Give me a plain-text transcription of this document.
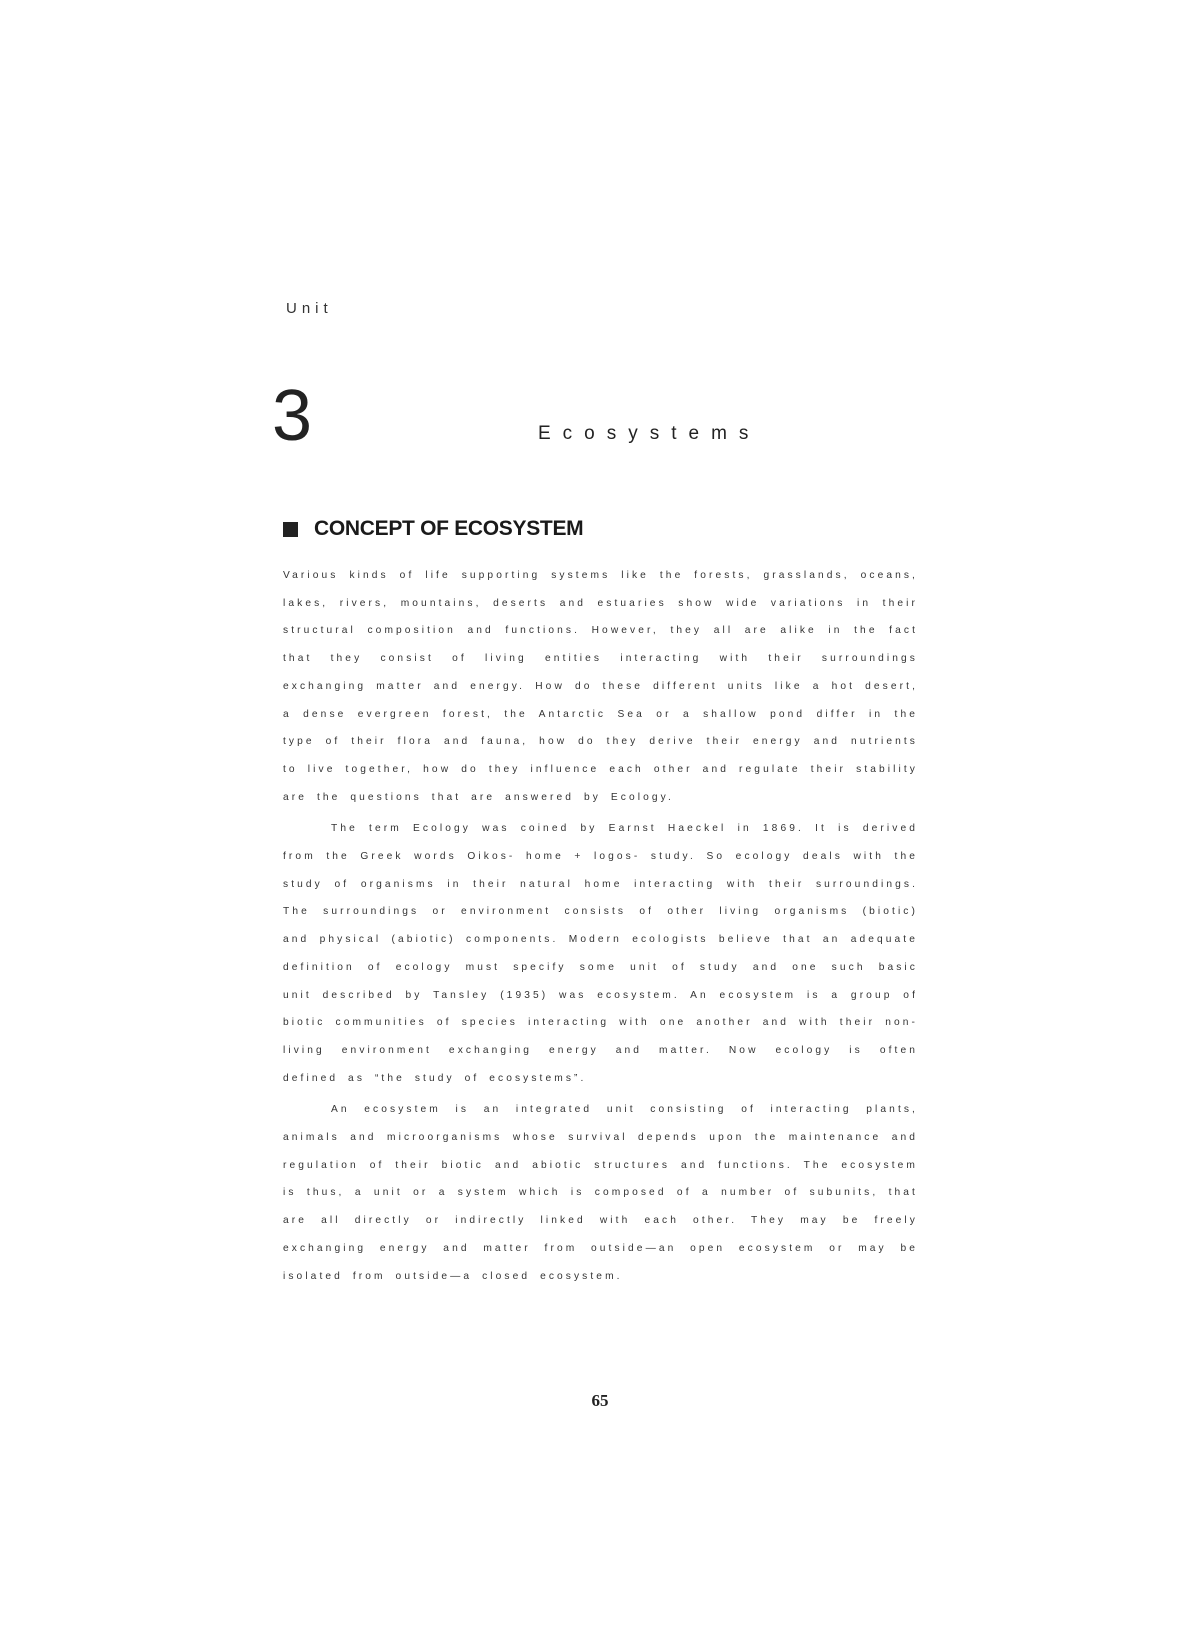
Unit
3	Ecosystems
CONCEPT OF ECOSYSTEM

Various kinds of life supporting systems like the forests, grasslands, oceans, lakes, rivers, mountains, deserts and estuaries show wide variations in their structural composition and functions. However, they all are alike in the fact that they consist of living entities interacting with their surroundings exchanging matter and energy. How do these different units like a hot desert, a dense evergreen forest, the Antarctic Sea or a shallow pond differ in the type of their flora and fauna, how do they derive their energy and nutrients to live together, how do they influence each other and regulate their stability are the questions that are answered by Ecology.

The term Ecology was coined by Earnst Haeckel in 1869. It is derived from the Greek words Oikos- home + logos- study. So ecology deals with the study of organisms in their natural home interacting with their surroundings. The surroundings or environment consists of other living organisms (biotic) and physical (abiotic) components. Modern ecologists believe that an adequate definition of ecology must specify some unit of study and one such basic unit described by Tansley (1935) was ecosystem. An ecosystem is a group of biotic communities of species interacting with one another and with their non-living environment exchanging energy and matter. Now ecology is often defined as “the study of ecosystems”.

An ecosystem is an integrated unit consisting of interacting plants, animals and microorganisms whose survival depends upon the maintenance and regulation of their biotic and abiotic structures and functions. The ecosystem is thus, a unit or a system which is composed of a number of subunits, that are all directly or indirectly linked with each other. They may be freely exchanging energy and matter from outside—an open ecosystem or may be isolated from outside—a closed ecosystem.

65
